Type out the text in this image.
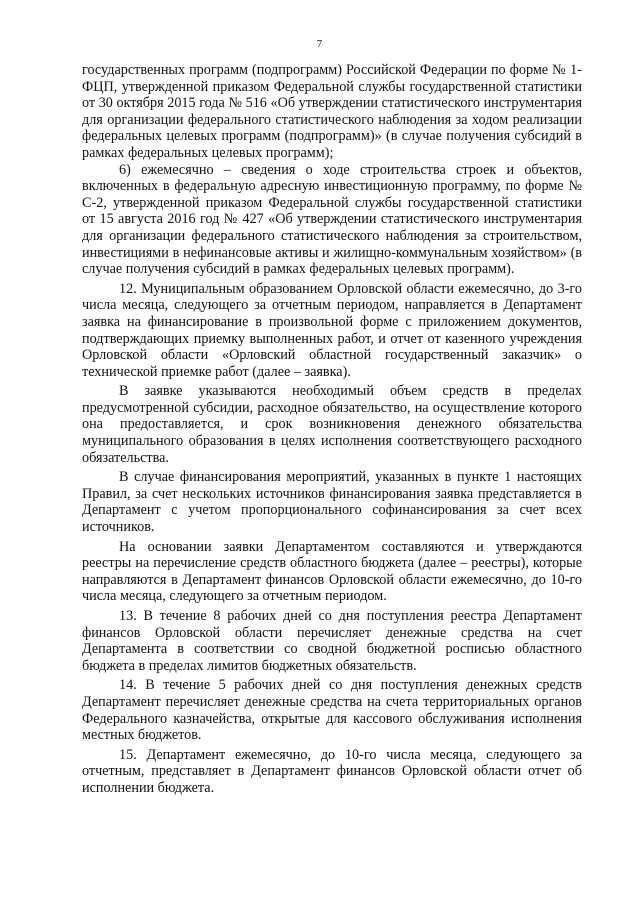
7

государственных программ (подпрограмм) Российской Федерации по форме № 1-ФЦП, утвержденной приказом Федеральной службы государственной статистики от 30 октября 2015 года № 516 «Об утверждении статистического инструментария для организации федерального статистического наблюдения за ходом реализации федеральных целевых программ (подпрограмм)» (в случае получения субсидий в рамках федеральных целевых программ);

6) ежемесячно – сведения о ходе строительства строек и объектов, включенных в федеральную адресную инвестиционную программу, по форме № С-2, утвержденной приказом Федеральной службы государственной статистики от 15 августа 2016 год № 427 «Об утверждении статистического инструментария для организации федерального статистического наблюдения за строительством, инвестициями в нефинансовые активы и жилищно-коммунальным хозяйством» (в случае получения субсидий в рамках федеральных целевых программ).

12. Муниципальным образованием Орловской области ежемесячно, до 3-го числа месяца, следующего за отчетным периодом, направляется в Департамент заявка на финансирование в произвольной форме с приложением документов, подтверждающих приемку выполненных работ, и отчет от казенного учреждения Орловской области «Орловский областной государственный заказчик» о технической приемке работ (далее – заявка).

В заявке указываются необходимый объем средств в пределах предусмотренной субсидии, расходное обязательство, на осуществление которого она предоставляется, и срок возникновения денежного обязательства муниципального образования в целях исполнения соответствующего расходного обязательства.

В случае финансирования мероприятий, указанных в пункте 1 настоящих Правил, за счет нескольких источников финансирования заявка представляется в Департамент с учетом пропорционального софинансирования за счет всех источников.

На основании заявки Департаментом составляются и утверждаются реестры на перечисление средств областного бюджета (далее – реестры), которые направляются в Департамент финансов Орловской области ежемесячно, до 10-го числа месяца, следующего за отчетным периодом.

13. В течение 8 рабочих дней со дня поступления реестра Департамент финансов Орловской области перечисляет денежные средства на счет Департамента в соответствии со сводной бюджетной росписью областного бюджета в пределах лимитов бюджетных обязательств.

14. В течение 5 рабочих дней со дня поступления денежных средств Департамент перечисляет денежные средства на счета территориальных органов Федерального казначейства, открытые для кассового обслуживания исполнения местных бюджетов.

15. Департамент ежемесячно, до 10-го числа месяца, следующего за отчетным, представляет в Департамент финансов Орловской области отчет об исполнении бюджета.
